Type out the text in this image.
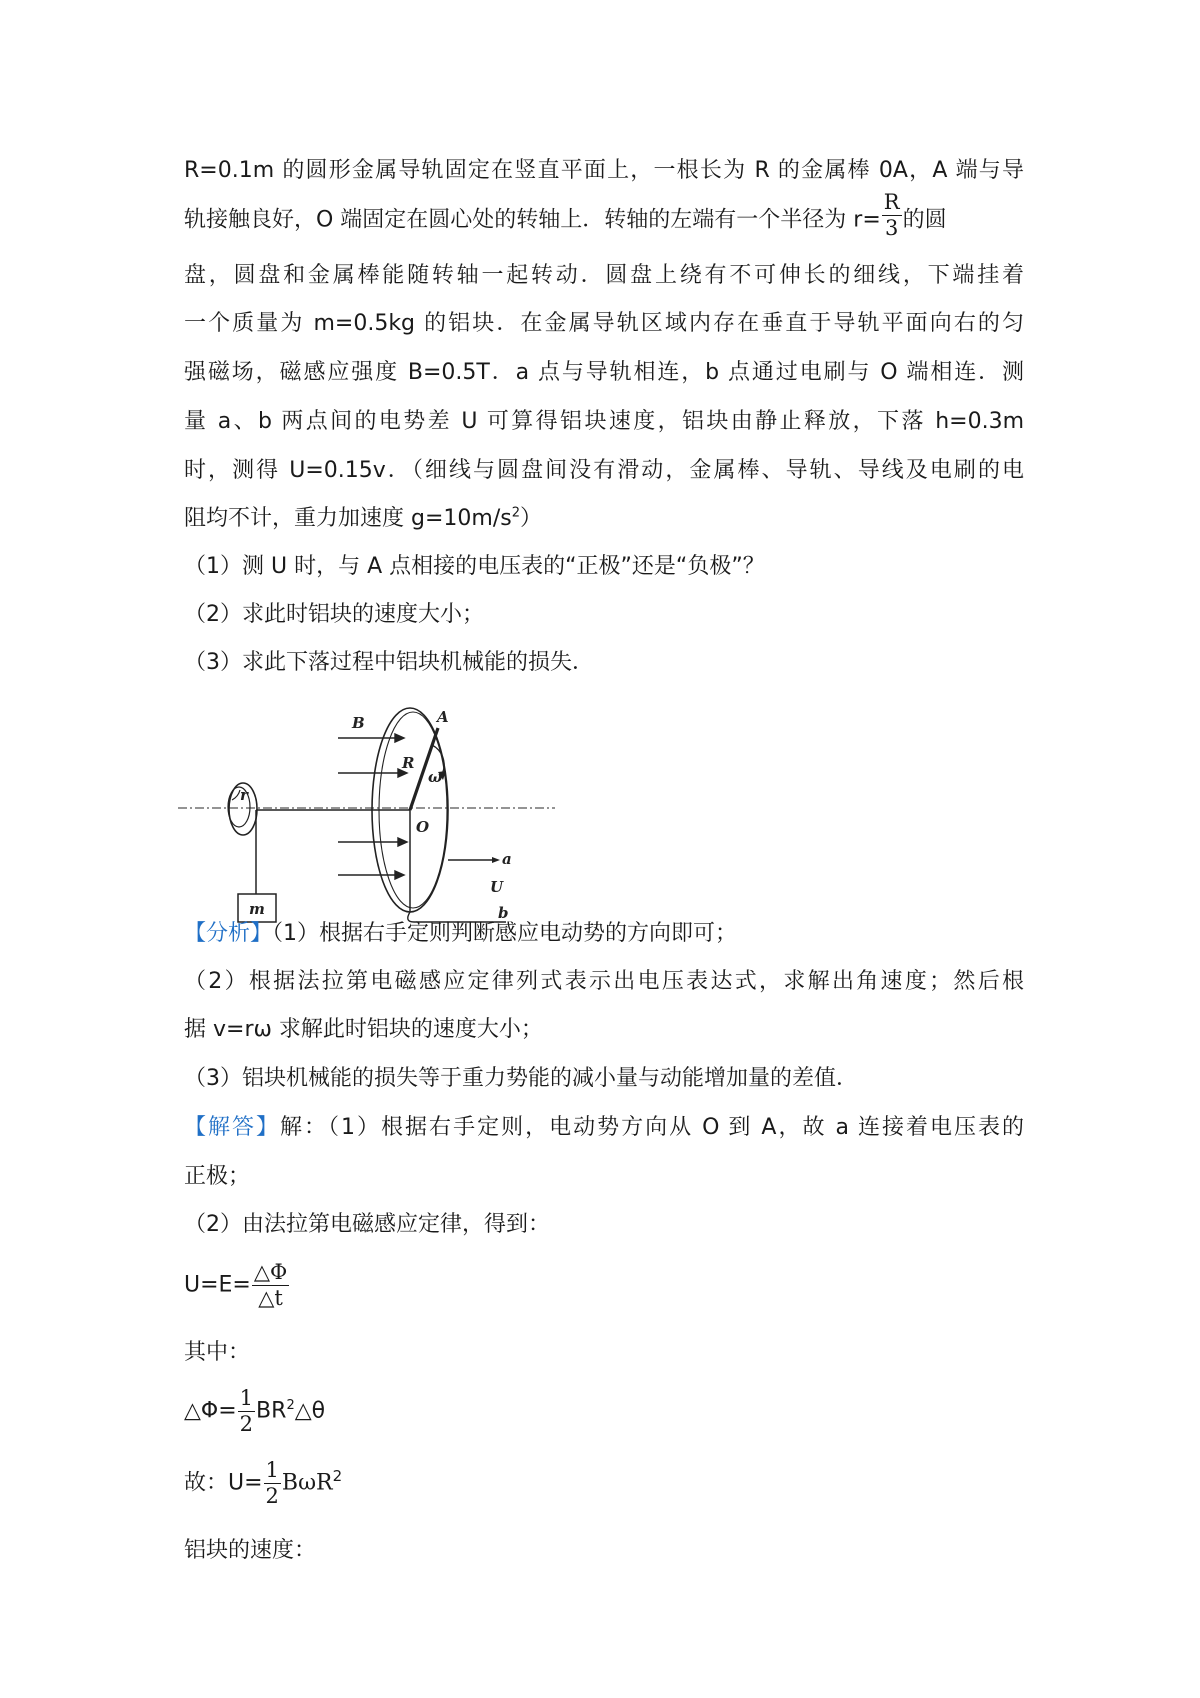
R=0.1m 的圆形金属导轨固定在竖直平面上，一根长为 R 的金属棒 0A，A 端与导
轨接触良好，O 端固定在圆心处的转轴上．转轴的左端有一个半径为 $r= \frac{R}{3}$ 的圆
盘，圆盘和金属棒能随转轴一起转动．圆盘上绕有不可伸长的细线，下端挂着
一个质量为 m=0.5kg 的铝块．在金属导轨区域内存在垂直于导轨平面向右的匀
强磁场，磁感应强度 B=0.5T．a 点与导轨相连，b 点通过电刷与 O 端相连．测
量 a、b 两点间的电势差 U 可算得铝块速度，铝块由静止释放，下落 h=0.3m
时，测得 U=0.15v．（细线与圆盘间没有滑动，金属棒、导轨、导线及电刷的电
阻均不计，重力加速度 $g=10m/s^2$）
（1）测 U 时，与 A 点相接的电压表的“正极”还是“负极”？
（2）求此时铝块的速度大小；
（3）求此下落过程中铝块机械能的损失．
r
m
B	A
R
ω
O
a
U
b
【分析】（1）根据右手定则判断感应电动势的方向即可；
（2）根据法拉第电磁感应定律列式表示出电压表达式，求解出角速度；然后根
据 v=rω 求解此时铝块的速度大小；
（3）铝块机械能的损失等于重力势能的减小量与动能增加量的差值．
【解答】解：（1）根据右手定则，电动势方向从 O 到 A，故 a 连接着电压表的
正极；
（2）由法拉第电磁感应定律，得到：
$U=E= \frac{\triangle\Phi}{\triangle t}$
其中：
△Φ= $\frac{1}{2}$ $BR^2\triangle\theta$
故：$U= \frac{1}{2} B\omega R^2$
铝块的速度：
